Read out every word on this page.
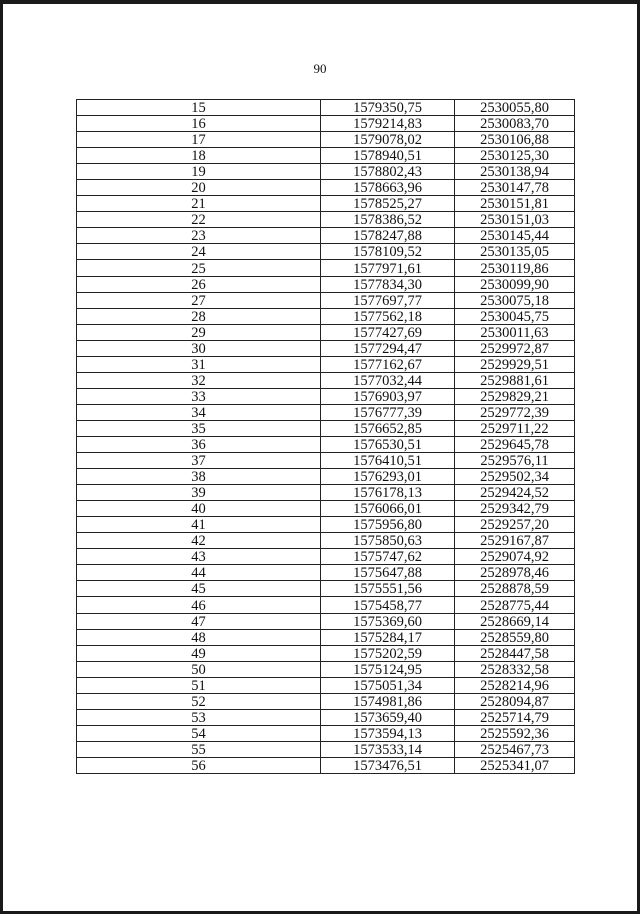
90
15	1579350,75	2530055,80
16	1579214,83	2530083,70
17	1579078,02	2530106,88
18	1578940,51	2530125,30
19	1578802,43	2530138,94
20	1578663,96	2530147,78
21	1578525,27	2530151,81
22	1578386,52	2530151,03
23	1578247,88	2530145,44
24	1578109,52	2530135,05
25	1577971,61	2530119,86
26	1577834,30	2530099,90
27	1577697,77	2530075,18
28	1577562,18	2530045,75
29	1577427,69	2530011,63
30	1577294,47	2529972,87
31	1577162,67	2529929,51
32	1577032,44	2529881,61
33	1576903,97	2529829,21
34	1576777,39	2529772,39
35	1576652,85	2529711,22
36	1576530,51	2529645,78
37	1576410,51	2529576,11
38	1576293,01	2529502,34
39	1576178,13	2529424,52
40	1576066,01	2529342,79
41	1575956,80	2529257,20
42	1575850,63	2529167,87
43	1575747,62	2529074,92
44	1575647,88	2528978,46
45	1575551,56	2528878,59
46	1575458,77	2528775,44
47	1575369,60	2528669,14
48	1575284,17	2528559,80
49	1575202,59	2528447,58
50	1575124,95	2528332,58
51	1575051,34	2528214,96
52	1574981,86	2528094,87
53	1573659,40	2525714,79
54	1573594,13	2525592,36
55	1573533,14	2525467,73
56	1573476,51	2525341,07
